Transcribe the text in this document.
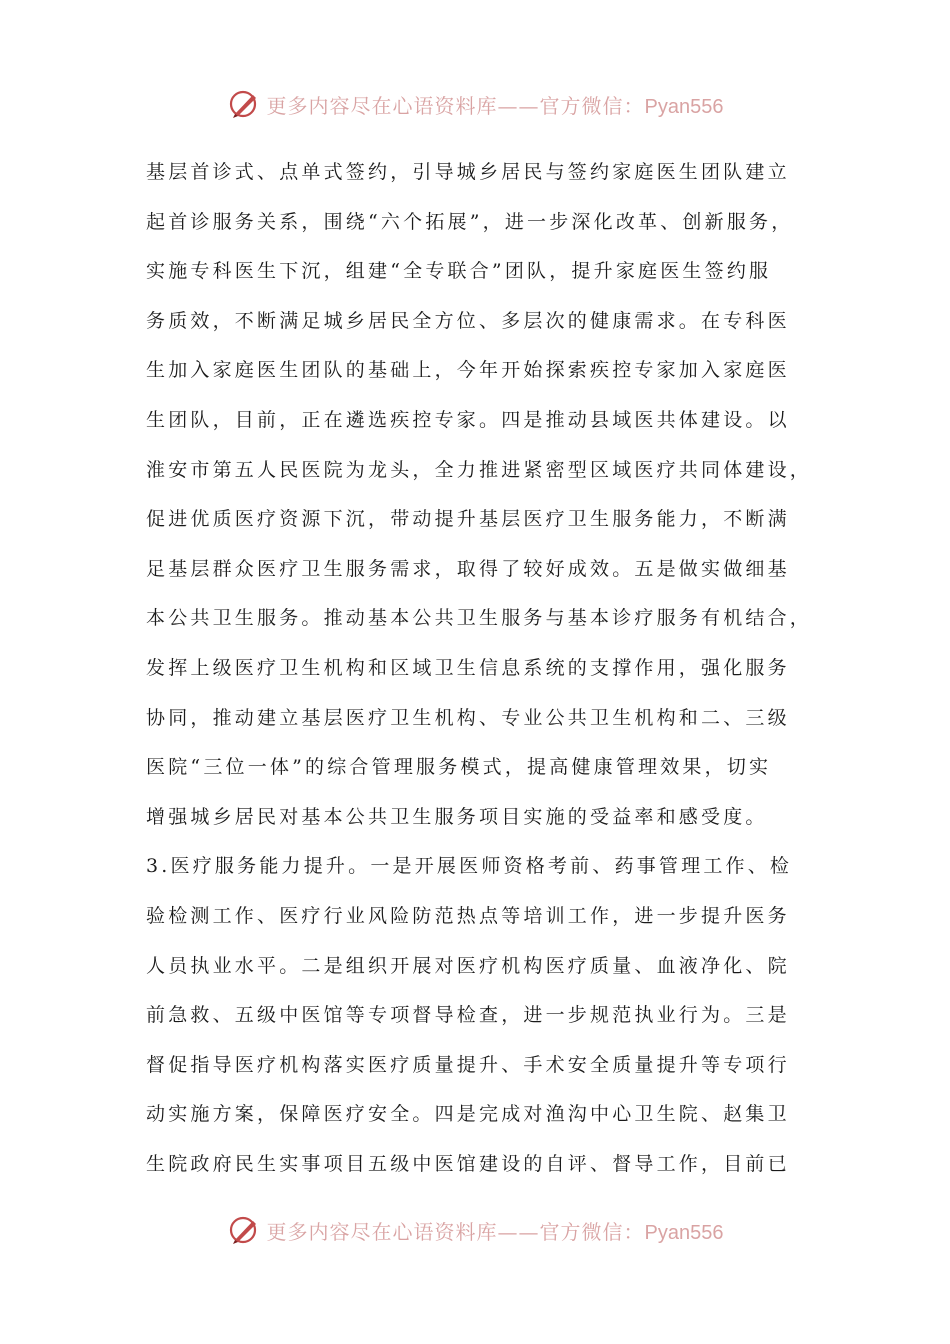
更多内容尽在心语资料库——官方微信：Pyan556
基层首诊式、点单式签约，引导城乡居民与签约家庭医生团队建立
起首诊服务关系，围绕“六个拓展”，进一步深化改革、创新服务，
实施专科医生下沉，组建“全专联合”团队，提升家庭医生签约服
务质效，不断满足城乡居民全方位、多层次的健康需求。在专科医
生加入家庭医生团队的基础上，今年开始探索疾控专家加入家庭医
生团队，目前，正在遴选疾控专家。四是推动县域医共体建设。以
淮安市第五人民医院为龙头，全力推进紧密型区域医疗共同体建设，
促进优质医疗资源下沉，带动提升基层医疗卫生服务能力，不断满
足基层群众医疗卫生服务需求，取得了较好成效。五是做实做细基
本公共卫生服务。推动基本公共卫生服务与基本诊疗服务有机结合，
发挥上级医疗卫生机构和区域卫生信息系统的支撑作用，强化服务
协同，推动建立基层医疗卫生机构、专业公共卫生机构和二、三级
医院“三位一体”的综合管理服务模式，提高健康管理效果，切实
增强城乡居民对基本公共卫生服务项目实施的受益率和感受度。
3.医疗服务能力提升。一是开展医师资格考前、药事管理工作、检
验检测工作、医疗行业风险防范热点等培训工作，进一步提升医务
人员执业水平。二是组织开展对医疗机构医疗质量、血液净化、院
前急救、五级中医馆等专项督导检查，进一步规范执业行为。三是
督促指导医疗机构落实医疗质量提升、手术安全质量提升等专项行
动实施方案，保障医疗安全。四是完成对渔沟中心卫生院、赵集卫
生院政府民生实事项目五级中医馆建设的自评、督导工作，目前已
更多内容尽在心语资料库——官方微信：Pyan556
